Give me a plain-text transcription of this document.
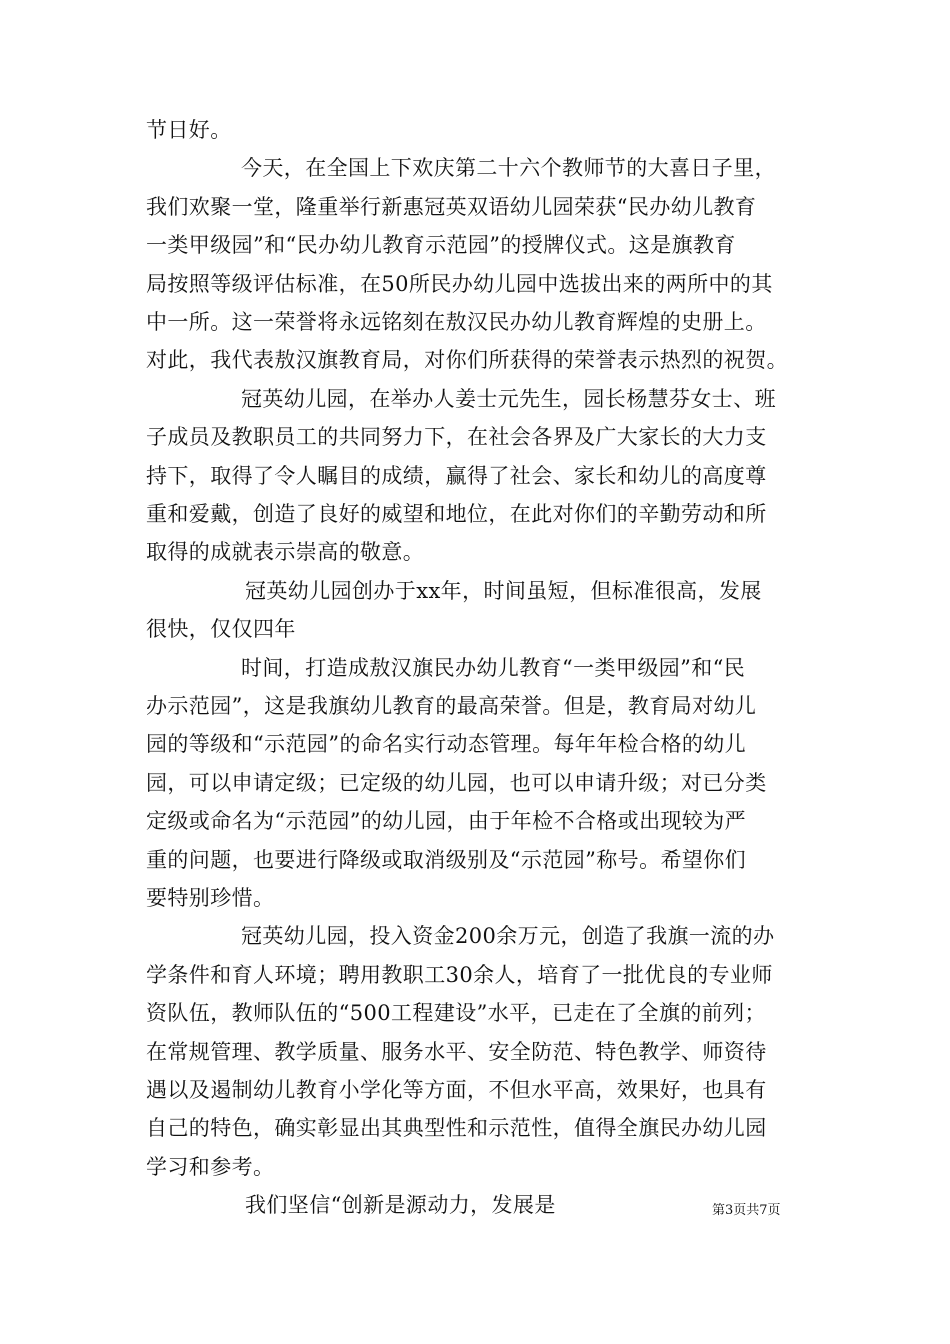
节日好。
今天，在全国上下欢庆第二十六个教师节的大喜日子里，
我们欢聚一堂，隆重举行新惠冠英双语幼儿园荣获“民办幼儿教育
一类甲级园”和“民办幼儿教育示范园”的授牌仪式。这是旗教育
局按照等级评估标准，在50所民办幼儿园中选拔出来的两所中的其
中一所。这一荣誉将永远铭刻在敖汉民办幼儿教育辉煌的史册上。
对此，我代表敖汉旗教育局，对你们所获得的荣誉表示热烈的祝贺。
冠英幼儿园，在举办人姜士元先生，园长杨慧芬女士、班
子成员及教职员工的共同努力下，在社会各界及广大家长的大力支
持下，取得了令人瞩目的成绩，赢得了社会、家长和幼儿的高度尊
重和爱戴，创造了良好的威望和地位，在此对你们的辛勤劳动和所
取得的成就表示崇高的敬意。
冠英幼儿园创办于xx年，时间虽短，但标准很高，发展
很快，仅仅四年
时间，打造成敖汉旗民办幼儿教育“一类甲级园”和“民
办示范园”，这是我旗幼儿教育的最高荣誉。但是，教育局对幼儿
园的等级和“示范园”的命名实行动态管理。每年年检合格的幼儿
园，可以申请定级；已定级的幼儿园，也可以申请升级；对已分类
定级或命名为“示范园”的幼儿园，由于年检不合格或出现较为严
重的问题，也要进行降级或取消级别及“示范园”称号。希望你们
要特别珍惜。
冠英幼儿园，投入资金200余万元，创造了我旗一流的办
学条件和育人环境；聘用教职工30余人，培育了一批优良的专业师
资队伍，教师队伍的“500工程建设”水平，已走在了全旗的前列；
在常规管理、教学质量、服务水平、安全防范、特色教学、师资待
遇以及遏制幼儿教育小学化等方面，不但水平高，效果好，也具有
自己的特色，确实彰显出其典型性和示范性，值得全旗民办幼儿园
学习和参考。
我们坚信“创新是源动力，发展是	第3页共7页
